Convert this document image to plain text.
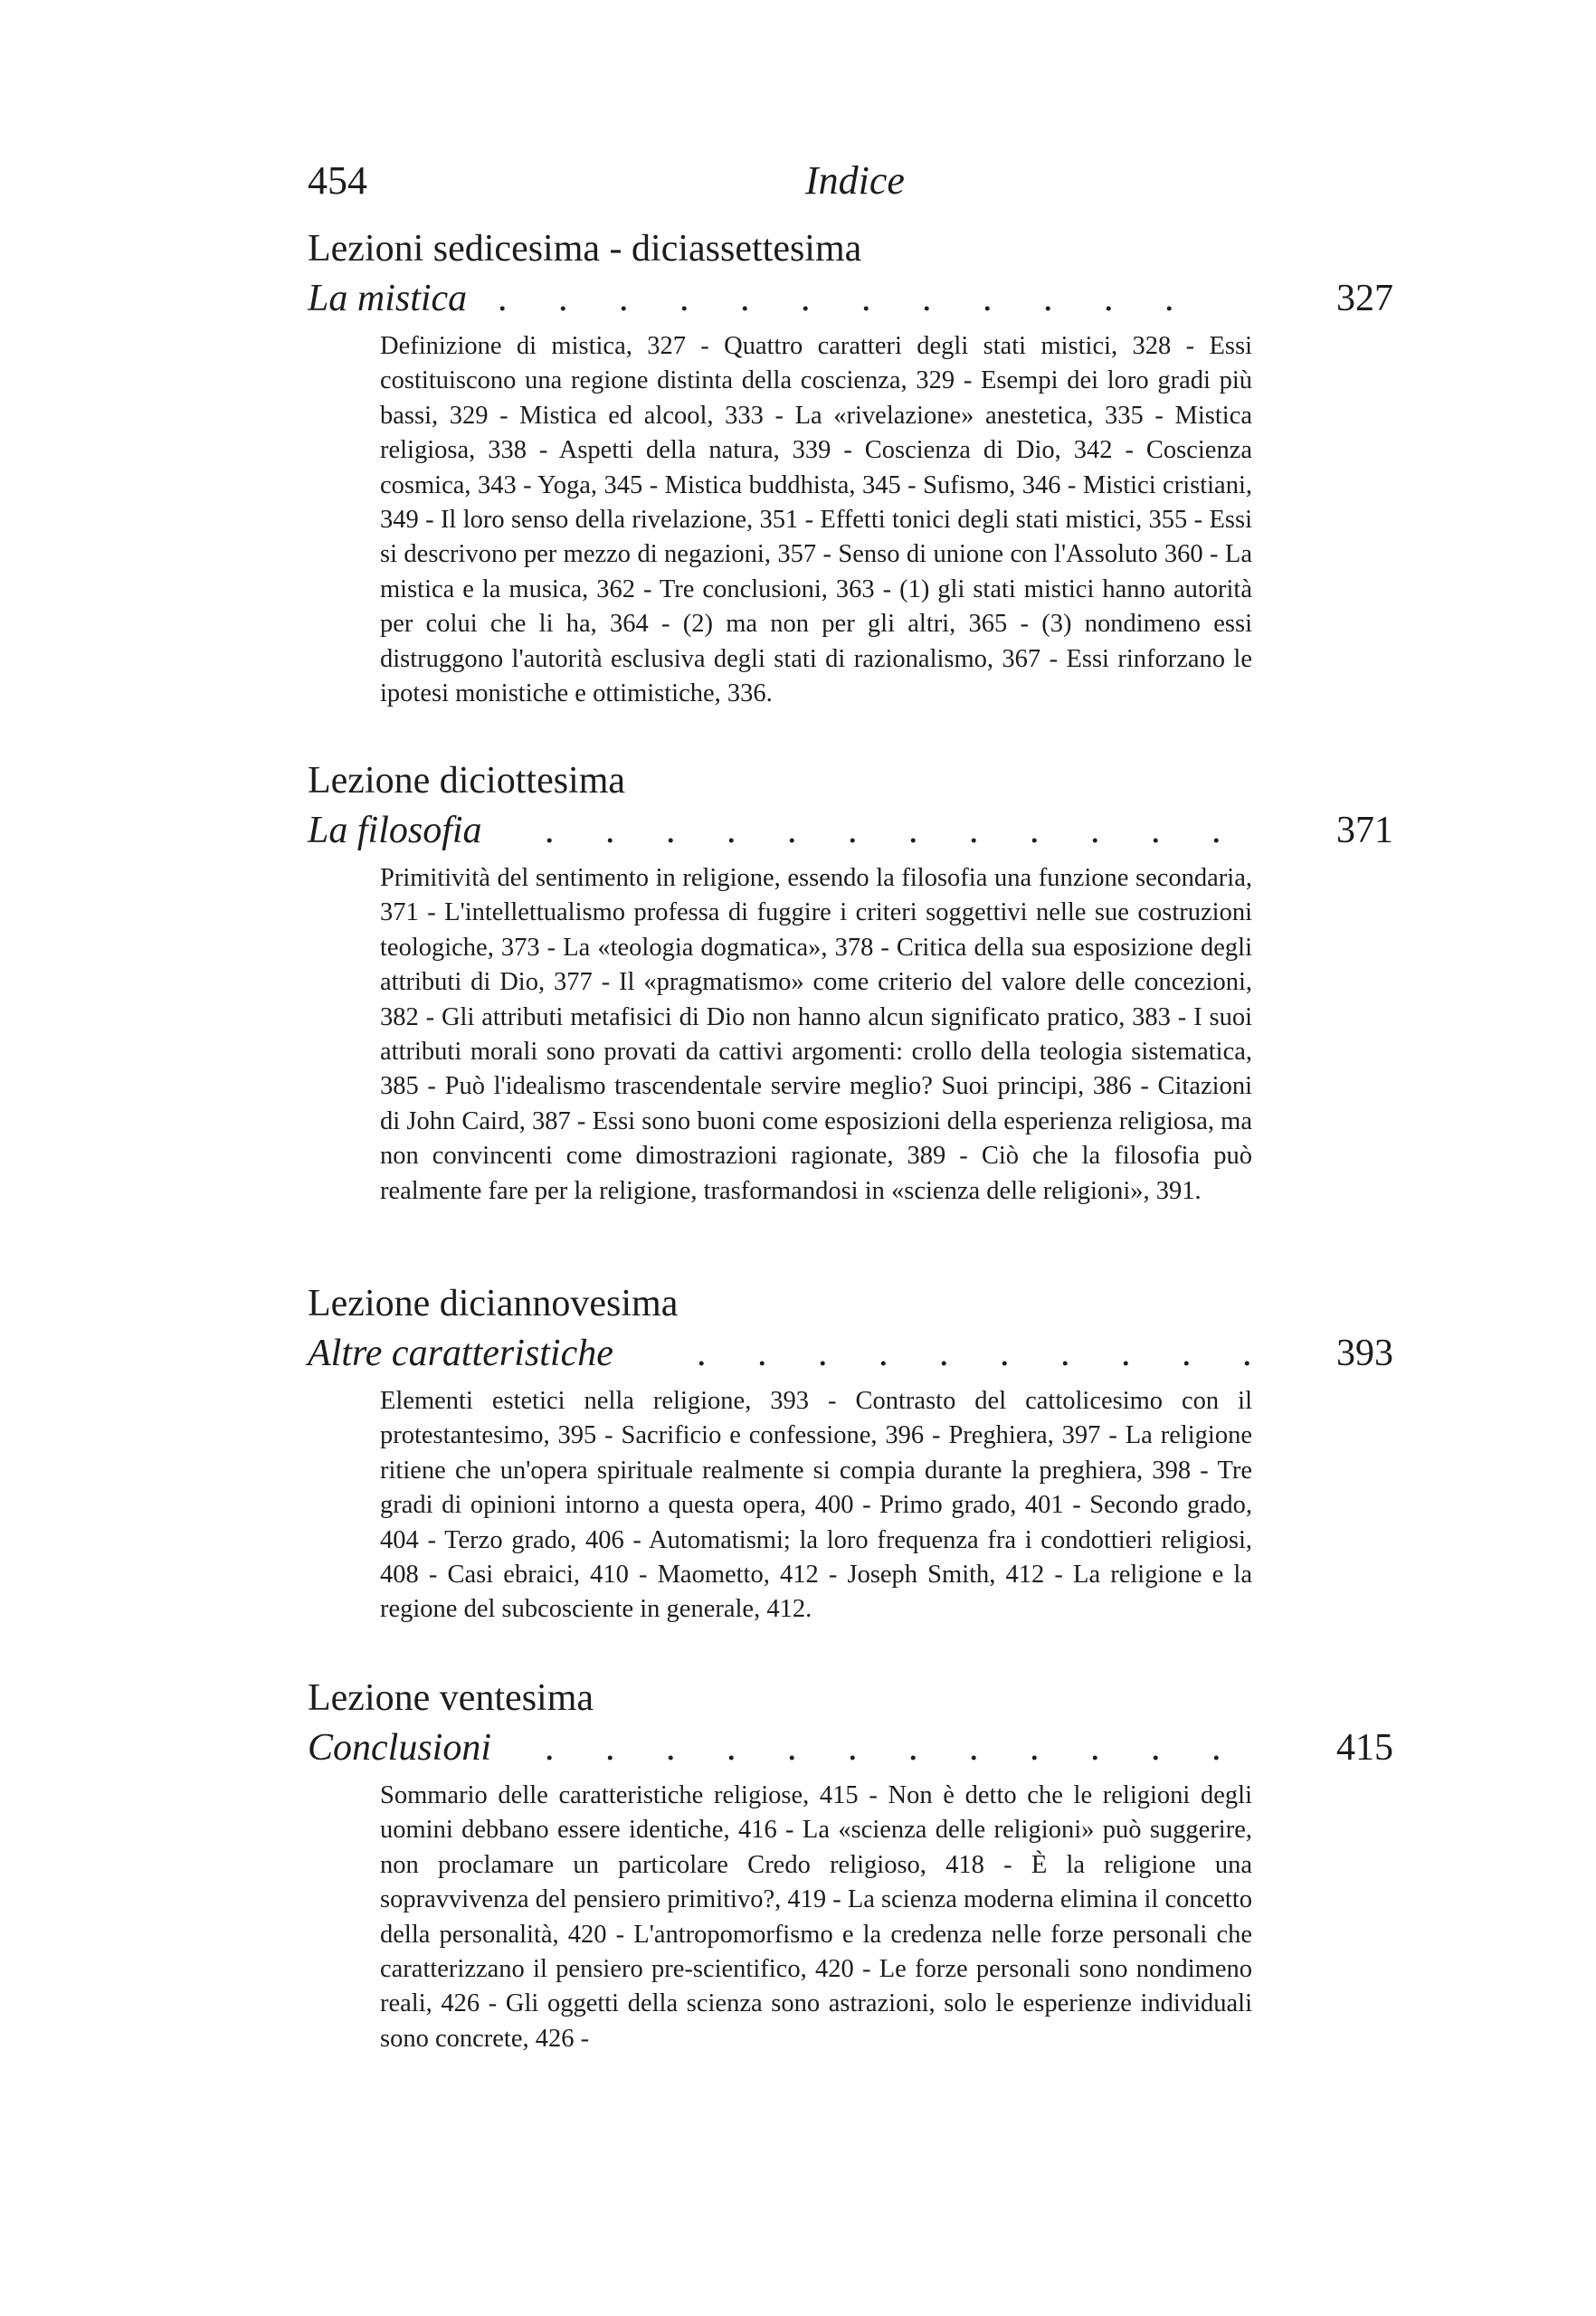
454	Indice
Lezioni sedicesima - diciassettesima
La mistica . . . . . . . . . . . .	327
Definizione di mistica, 327 - Quattro caratteri degli stati mistici, 328 - Essi costituiscono una regione distinta della coscienza, 329 - Esempi dei loro gradi più bassi, 329 - Mistica ed alcool, 333 - La «rivelazione» anestetica, 335 - Mistica religiosa, 338 - Aspetti della natura, 339 - Coscienza di Dio, 342 - Coscienza cosmica, 343 - Yoga, 345 - Mistica buddhista, 345 - Sufismo, 346 - Mistici cristiani, 349 - Il loro senso della rivelazione, 351 - Effetti tonici degli stati mistici, 355 - Essi si descrivono per mezzo di negazioni, 357 - Senso di unione con l'Assoluto 360 - La mistica e la musica, 362 - Tre conclusioni, 363 - (1) gli stati mistici hanno autorità per colui che li ha, 364 - (2) ma non per gli altri, 365 - (3) nondimeno essi distruggono l'autorità esclusiva degli stati di razionalismo, 367 - Essi rinforzano le ipotesi monistiche e ottimistiche, 336.
Lezione diciottesima
La filosofia . . . . . . . . . . . . 371
Primitività del sentimento in religione, essendo la filosofia una funzione secondaria, 371 - L'intellettualismo professa di fuggire i criteri soggettivi nelle sue costruzioni teologiche, 373 - La «teologia dogmatica», 378 - Critica della sua esposizione degli attributi di Dio, 377 - Il «pragmatismo» come criterio del valore delle concezioni, 382 - Gli attributi metafisici di Dio non hanno alcun significato pratico, 383 - I suoi attributi morali sono provati da cattivi argomenti: crollo della teologia sistematica, 385 - Può l'idealismo trascendentale servire meglio? Suoi principi, 386 - Citazioni di John Caird, 387 - Essi sono buoni come esposizioni della esperienza religiosa, ma non convincenti come dimostrazioni ragionate, 389 - Ciò che la filosofia può realmente fare per la religione, trasformandosi in «scienza delle religioni», 391.
Lezione diciannovesima
Altre caratteristiche . . . . . . . . . . 393
Elementi estetici nella religione, 393 - Contrasto del cattolicesimo con il protestantesimo, 395 - Sacrificio e confessione, 396 - Preghiera, 397 - La religione ritiene che un'opera spirituale realmente si compia durante la preghiera, 398 - Tre gradi di opinioni intorno a questa opera, 400 - Primo grado, 401 - Secondo grado, 404 - Terzo grado, 406 - Automatismi; la loro frequenza fra i condottieri religiosi, 408 - Casi ebraici, 410 - Maometto, 412 - Joseph Smith, 412 - La religione e la regione del subcosciente in generale, 412.
Lezione ventesima
Conclusioni . . . . . . . . . . . . 415
Sommario delle caratteristiche religiose, 415 - Non è detto che le religioni degli uomini debbano essere identiche, 416 - La «scienza delle religioni» può suggerire, non proclamare un particolare Credo religioso, 418 - È la religione una sopravvivenza del pensiero primitivo?, 419 - La scienza moderna elimina il concetto della personalità, 420 - L'antropomorfismo e la credenza nelle forze personali che caratterizzano il pensiero pre-scientifico, 420 - Le forze personali sono nondimeno reali, 426 - Gli oggetti della scienza sono astrazioni, solo le esperienze individuali sono concrete, 426 -
